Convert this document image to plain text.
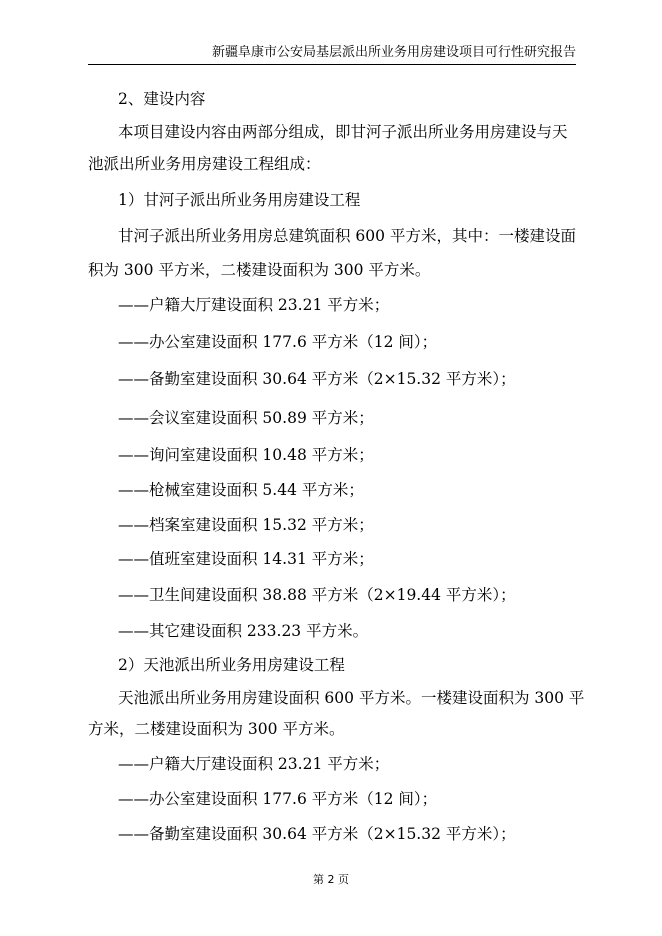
新疆阜康市公安局基层派出所业务用房建设项目可行性研究报告
2、建设内容
本项目建设内容由两部分组成，即甘河子派出所业务用房建设与天
池派出所业务用房建设工程组成：
1）甘河子派出所业务用房建设工程
甘河子派出所业务用房总建筑面积 600 平方米，其中：一楼建设面
积为 300 平方米，二楼建设面积为 300 平方米。
——户籍大厅建设面积 23.21 平方米；
——办公室建设面积 177.6 平方米（12 间）；
——备勤室建设面积 30.64 平方米（2×15.32 平方米）；
——会议室建设面积 50.89 平方米；
——询问室建设面积 10.48 平方米；
——枪械室建设面积 5.44 平方米；
——档案室建设面积 15.32 平方米；
——值班室建设面积 14.31 平方米；
——卫生间建设面积 38.88 平方米（2×19.44 平方米）；
——其它建设面积 233.23 平方米。
2）天池派出所业务用房建设工程
天池派出所业务用房建设面积 600 平方米。一楼建设面积为 300 平
方米，二楼建设面积为 300 平方米。
——户籍大厅建设面积 23.21 平方米；
——办公室建设面积 177.6 平方米（12 间）；
——备勤室建设面积 30.64 平方米（2×15.32 平方米）；
第 2 页
